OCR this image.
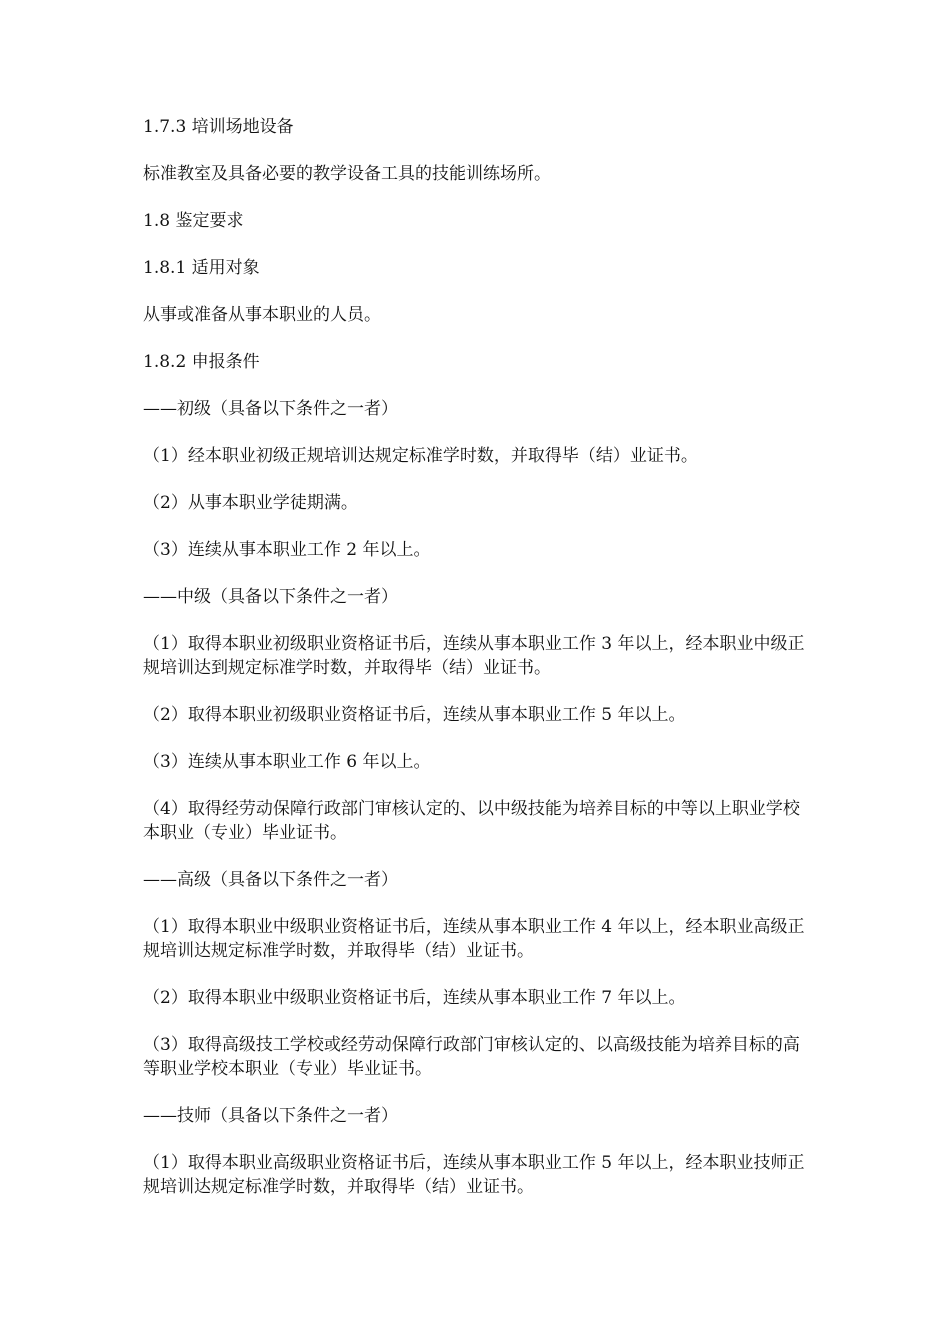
1.7.3 培训场地设备
标准教室及具备必要的教学设备工具的技能训练场所。
1.8 鉴定要求
1.8.1 适用对象
从事或准备从事本职业的人员。
1.8.2 申报条件
——初级（具备以下条件之一者）
（1）经本职业初级正规培训达规定标准学时数，并取得毕（结）业证书。
（2）从事本职业学徒期满。
（3）连续从事本职业工作 2 年以上。
——中级（具备以下条件之一者）
（1）取得本职业初级职业资格证书后，连续从事本职业工作 3 年以上，经本职业中级正规培训达到规定标准学时数，并取得毕（结）业证书。
（2）取得本职业初级职业资格证书后，连续从事本职业工作 5 年以上。
（3）连续从事本职业工作 6 年以上。
（4）取得经劳动保障行政部门审核认定的、以中级技能为培养目标的中等以上职业学校本职业（专业）毕业证书。
——高级（具备以下条件之一者）
（1）取得本职业中级职业资格证书后，连续从事本职业工作 4 年以上，经本职业高级正规培训达规定标准学时数，并取得毕（结）业证书。
（2）取得本职业中级职业资格证书后，连续从事本职业工作 7 年以上。
（3）取得高级技工学校或经劳动保障行政部门审核认定的、以高级技能为培养目标的高等职业学校本职业（专业）毕业证书。
——技师（具备以下条件之一者）
（1）取得本职业高级职业资格证书后，连续从事本职业工作 5 年以上，经本职业技师正规培训达规定标准学时数，并取得毕（结）业证书。
